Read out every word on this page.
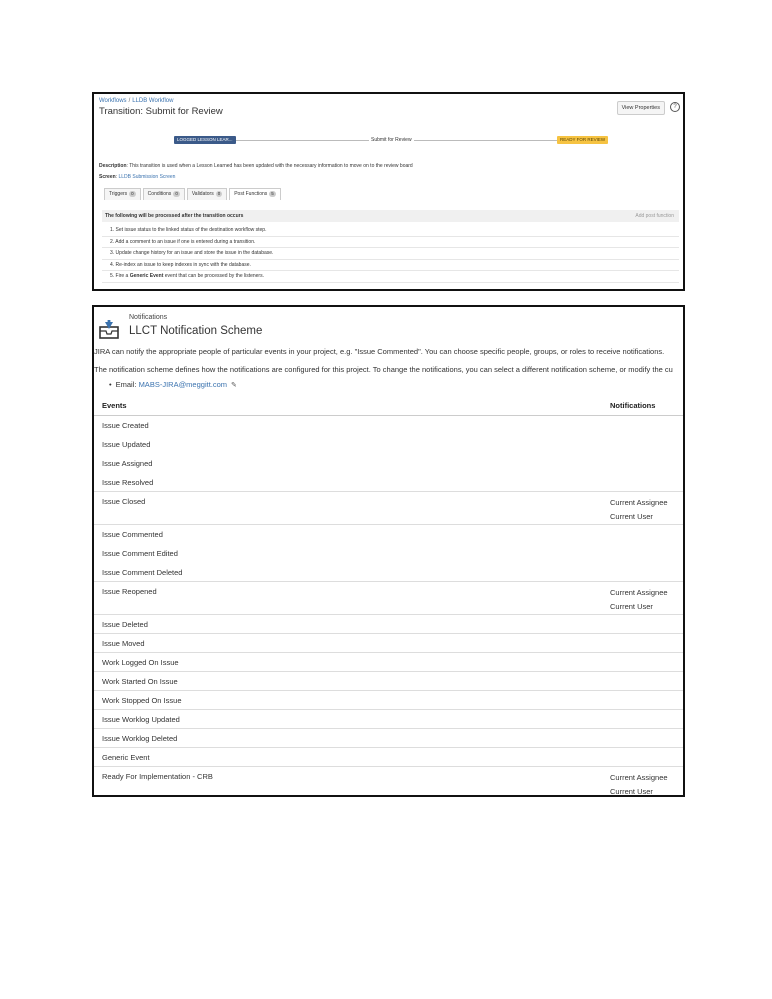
Workflows / LLDB Workflow
Transition: Submit for Review	View Properties	?
LOGGED LESSON LEAR...	Submit for Review	READY FOR REVIEW
Description: This transition is used when a Lesson Learned has been updated with the necessary information to move on to the review board
Screen: LLDB Submission Screen
Triggers 0	Conditions 0	Validators 0	Post Functions 5
The following will be processed after the transition occurs	Add post function
1. Set issue status to the linked status of the destination workflow step.
2. Add a comment to an issue if one is entered during a transition.
3. Update change history for an issue and store the issue in the database.
4. Re-index an issue to keep indexes in sync with the database.
5. Fire a Generic Event event that can be processed by the listeners.
Notifications
LLCT Notification Scheme
JIRA can notify the appropriate people of particular events in your project, e.g. "Issue Commented". You can choose specific people, groups, or roles to receive notifications.
The notification scheme defines how the notifications are configured for this project. To change the notifications, you can select a different notification scheme, or modify the cu
• Email: MABS-JIRA@meggitt.com ✎
Events	Notifications
Issue Created
Issue Updated
Issue Assigned
Issue Resolved
Issue Closed	Current Assignee
Current User
Issue Commented
Issue Comment Edited
Issue Comment Deleted
Issue Reopened	Current Assignee
Current User
Issue Deleted
Issue Moved
Work Logged On Issue
Work Started On Issue
Work Stopped On Issue
Issue Worklog Updated
Issue Worklog Deleted
Generic Event
Ready For Implementation - CRB	Current Assignee
Current User
